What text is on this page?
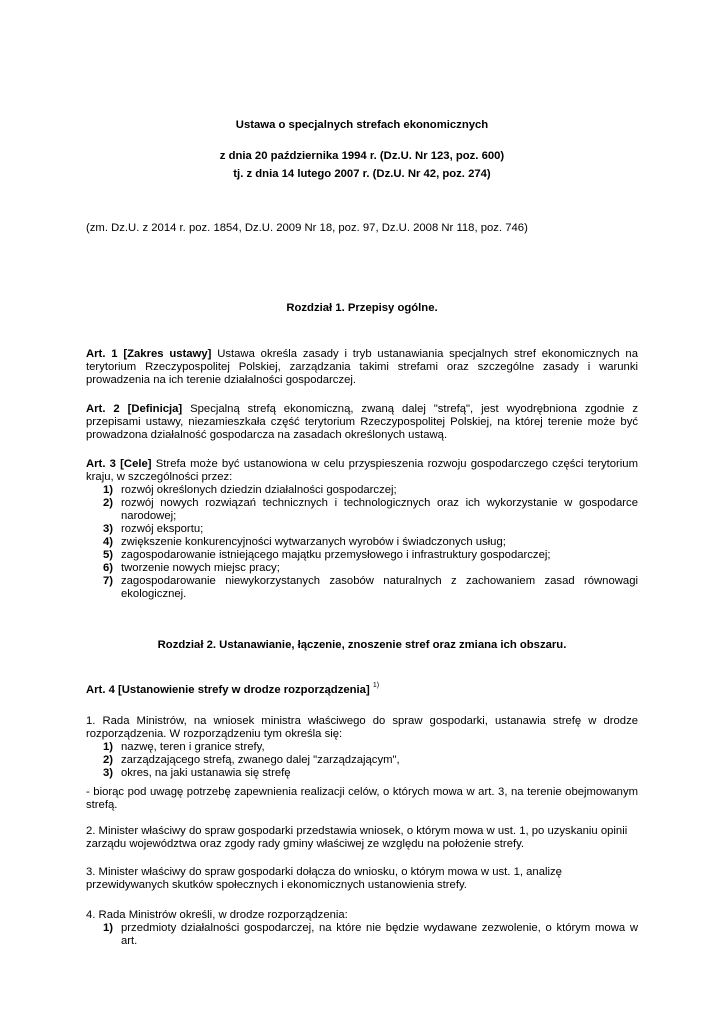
Ustawa o specjalnych strefach ekonomicznych
z dnia 20 października 1994 r. (Dz.U. Nr 123, poz. 600)
tj. z dnia 14 lutego 2007 r. (Dz.U. Nr 42, poz. 274)
(zm. Dz.U. z 2014 r. poz. 1854, Dz.U. 2009 Nr 18, poz. 97, Dz.U. 2008 Nr 118, poz. 746)
Rozdział 1. Przepisy ogólne.
Art. 1 [Zakres ustawy] Ustawa określa zasady i tryb ustanawiania specjalnych stref ekonomicznych na terytorium Rzeczypospolitej Polskiej, zarządzania takimi strefami oraz szczególne zasady i warunki prowadzenia na ich terenie działalności gospodarczej.
Art. 2 [Definicja] Specjalną strefą ekonomiczną, zwaną dalej "strefą", jest wyodrębniona zgodnie z przepisami ustawy, niezamieszkała część terytorium Rzeczypospolitej Polskiej, na której terenie może być prowadzona działalność gospodarcza na zasadach określonych ustawą.

Art. 3 [Cele] Strefa może być ustanowiona w celu przyspieszenia rozwoju gospodarczego części terytorium kraju, w szczególności przez:

1) rozwój określonych dziedzin działalności gospodarczej;
2) rozwój nowych rozwiązań technicznych i technologicznych oraz ich wykorzystanie w gospodarce narodowej;
3) rozwój eksportu;
4) zwiększenie konkurencyjności wytwarzanych wyrobów i świadczonych usług;
5) zagospodarowanie istniejącego majątku przemysłowego i infrastruktury gospodarczej;
6) tworzenie nowych miejsc pracy;
7) zagospodarowanie niewykorzystanych zasobów naturalnych z zachowaniem zasad równowagi ekologicznej.
Rozdział 2. Ustanawianie, łączenie, znoszenie stref oraz zmiana ich obszaru.
Art. 4 [Ustanowienie strefy w drodze rozporządzenia] $^{1)}$

1. Rada Ministrów, na wniosek ministra właściwego do spraw gospodarki, ustanawia strefę w drodze rozporządzenia. W rozporządzeniu tym określa się:

1) nazwę, teren i granice strefy,
2) zarządzającego strefą, zwanego dalej "zarządzającym",
3) okres, na jaki ustanawia się strefę

- biorąc pod uwagę potrzebę zapewnienia realizacji celów, o których mowa w art. 3, na terenie obejmowanym strefą.

2. Minister właściwy do spraw gospodarki przedstawia wniosek, o którym mowa w ust. 1, po uzyskaniu opinii zarządu województwa oraz zgody rady gminy właściwej ze względu na położenie strefy.
3. Minister właściwy do spraw gospodarki dołącza do wniosku, o którym mowa w ust. 1, analizę przewidywanych skutków społecznych i ekonomicznych ustanowienia strefy.

4. Rada Ministrów określi, w drodze rozporządzenia:

1) przedmioty działalności gospodarczej, na które nie będzie wydawane zezwolenie, o którym mowa w art.
